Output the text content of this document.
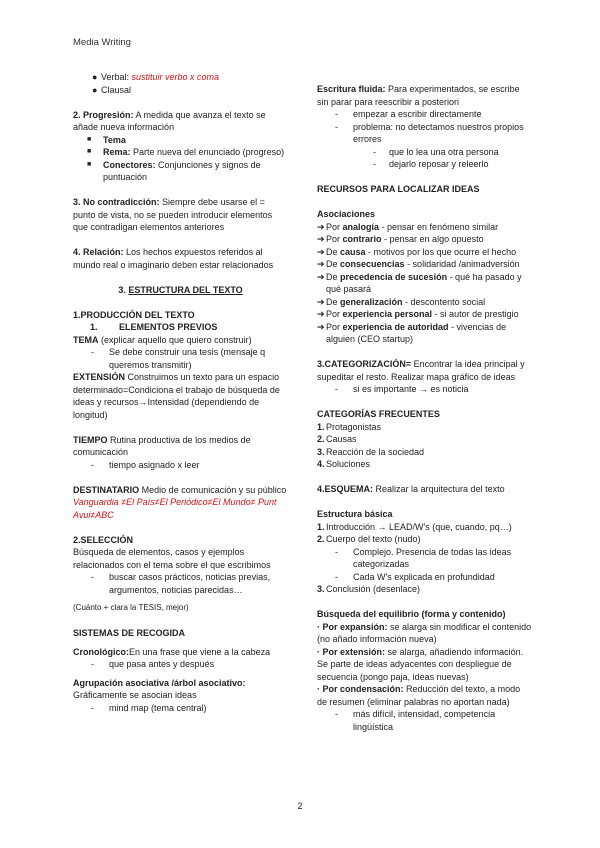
Media Writing

● Verbal: sustituir verbo x coma

● Clausal

2. Progresión: A medida que avanza el texto se añade nueva información

■ Tema

■ Rema: Parte nueva del enunciado (progreso)

■ Conectores: Conjunciones y signos de puntuación

3. No contradicción: Siempre debe usarse el = punto de vista, no se pueden introducir elementos que contradigan elementos anteriores

4. Relación: Los hechos expuestos referidos al mundo real o imaginario deben estar relacionados

3. ESTRUCTURA DEL TEXTO

1.PRODUCCIÓN DEL TEXTO

1. ELEMENTOS PREVIOS

TEMA (explicar aquello que quiero construir)

- Se debe construir una tesis (mensaje q queremos transmitir)

EXTENSIÓN Construimos un texto para un espacio determinado=Condiciona el trabajo de búsqueda de ideas y recursos→Intensidad (dependiendo de longitud)

TIEMPO Rutina productiva de los medios de comunicación

- tiempo asignado x leer

DESTINATARIO Medio de comunicación y su público

Vanguardia ≠El País≠El Periódico≠El Mundo≠ Punt Avui≠ABC

2.SELECCIÓN

Búsqueda de elementos, casos y ejemplos relacionados con el tema sobre el que escribimos

- buscar casos prácticos, noticias previas, argumentos, noticias parecidas…

(Cuánto + clara la TESIS, mejor)

SISTEMAS DE RECOGIDA

Cronológico:En una frase que viene a la cabeza

- que pasa antes y después

Agrupación asociativa /árbol asociativo:

Gráficamente se asocian ideas

- mind map (tema central)

Escritura fluida: Para experimentados, se escribe sin parar para reescribir a posteriori

- empezar a escribir directamente

- problema: no detectamos nuestros propios errores

- que lo lea una otra persona

- dejarlo reposar y releerlo

RECURSOS PARA LOCALIZAR IDEAS

Asociaciones

➔ Por analogía - pensar en fenómeno similar

➔ Por contrario - pensar en algo opuesto

➔ De causa - motivos por los que ocurre el hecho

➔ De consecuencias - solidaridad /animadversión

➔ De precedencia de sucesión - qué ha pasado y qué pasará

➔ De generalización - descontento social

➔ Por experiencia personal - si autor de prestigio

➔ Por experiencia de autoridad - vivencias de alguien (CEO startup)

3.CATEGORIZACIÓN= Encontrar la idea principal y supeditar el resto. Realizar mapa gráfico de ideas

- si es importante → es noticia

CATEGORÍAS FRECUENTES

1. Protagonistas

2. Causas

3. Reacción de la sociedad

4. Soluciones

4.ESQUEMA: Realizar la arquitectura del texto

Estructura básica

1. Introducción → LEAD/W's (que, cuando, pq…)

2. Cuerpo del texto (nudo)

- Complejo. Presencia de todas las ideas categorizadas

- Cada W's explicada en profundidad

3. Conclusión (desenlace)

Búsqueda del equilibrio (forma y contenido)

· Por expansión: se alarga sin modificar el contenido (no añado información nueva)

· Por extensión: se alarga, añadiendo información. Se parte de ideas adyacentes con despliegue de secuencia (pongo paja, ideas nuevas)

· Por condensación: Reducción del texto, a modo de resumen (eliminar palabras no aportan nada)

- más difícil, intensidad, competencia lingüística

2
